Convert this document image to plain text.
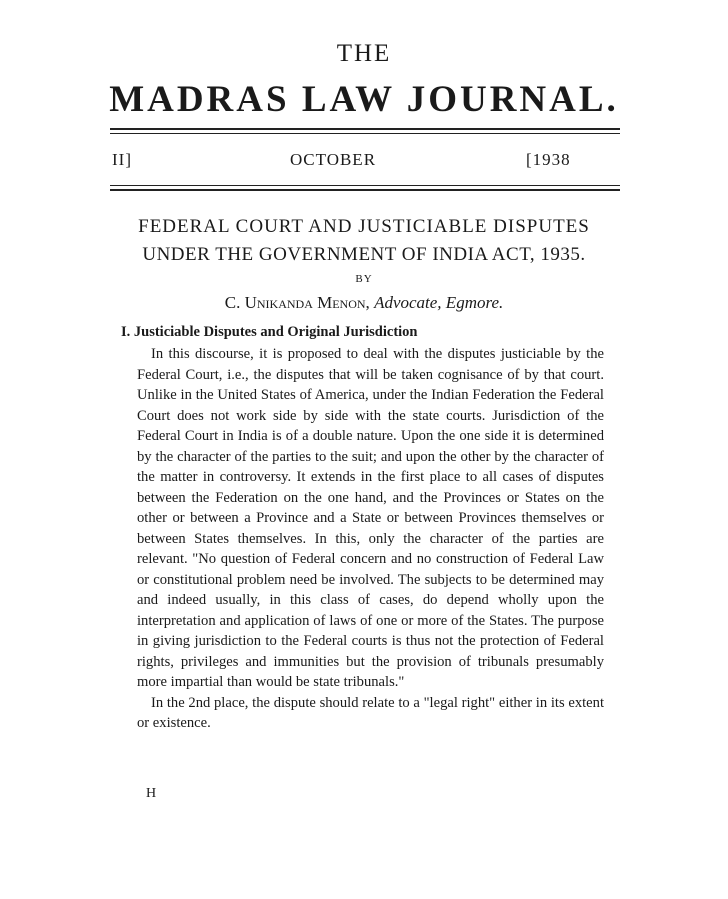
THE
MADRAS LAW JOURNAL.
II]	OCTOBER	[1938
FEDERAL COURT AND JUSTICIABLE DISPUTES
UNDER THE GOVERNMENT OF INDIA ACT, 1935.
BY
C. Unikanda Menon, Advocate, Egmore.
I. Justiciable Disputes and Original Jurisdiction

In this discourse, it is proposed to deal with the disputes justiciable by the Federal Court, i.e., the disputes that will be taken cognisance of by that court. Unlike in the United States of America, under the Indian Federation the Federal Court does not work side by side with the state courts. Jurisdiction of the Federal Court in India is of a double nature. Upon the one side it is determined by the character of the parties to the suit; and upon the other by the character of the matter in controversy. It extends in the first place to all cases of disputes between the Federation on the one hand, and the Provinces or States on the other or between a Province and a State or between Provinces themselves or between States themselves. In this, only the character of the parties are relevant. "No question of Federal concern and no construction of Federal Law or constitutional problem need be involved. The subjects to be determined may and indeed usually, in this class of cases, do depend wholly upon the interpretation and application of laws of one or more of the States. The purpose in giving jurisdiction to the Federal courts is thus not the protection of Federal rights, privileges and immunities but the provision of tribunals presumably more impartial than would be state tribunals."

In the 2nd place, the dispute should relate to a "legal right" either in its extent or existence.

H
